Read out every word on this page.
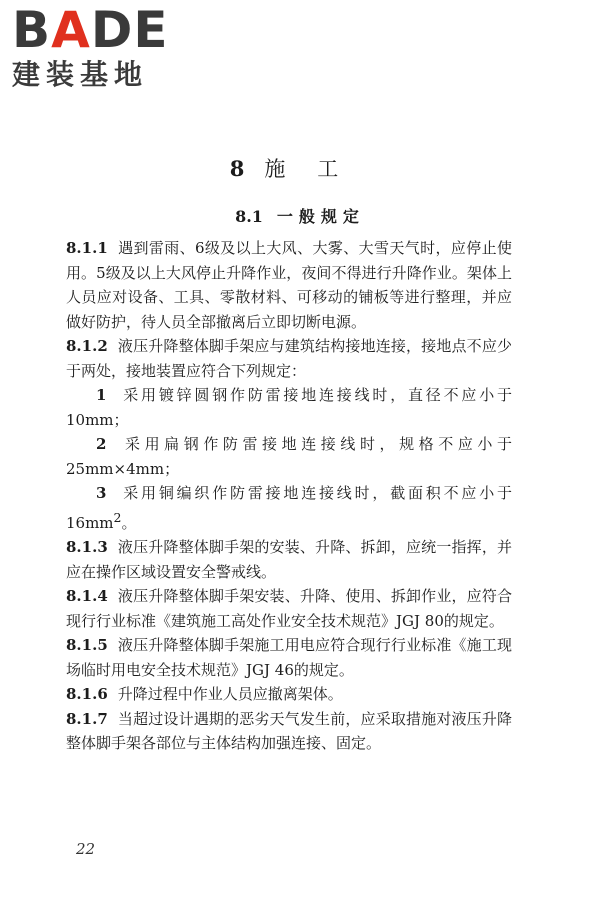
BADE
建装基地
8 施工
8.1 一般规定

8.1.1 遇到雷雨、6级及以上大风、大雾、大雪天气时，应停止使用。5级及以上大风停止升降作业，夜间不得进行升降作业。架体上人员应对设备、工具、零散材料、可移动的铺板等进行整理，并应做好防护，待人员全部撤离后立即切断电源。

8.1.2 液压升降整体脚手架应与建筑结构接地连接，接地点不应少于两处，接地装置应符合下列规定：

1 采用镀锌圆钢作防雷接地连接线时，直径不应小于10mm；

2 采用扁钢作防雷接地连接线时，规格不应小于25mm×4mm；

3 采用铜编织作防雷接地连接线时，截面积不应小于$16mm^2$。

8.1.3 液压升降整体脚手架的安装、升降、拆卸，应统一指挥，并应在操作区域设置安全警戒线。

8.1.4 液压升降整体脚手架安装、升降、使用、拆卸作业，应符合现行行业标准《建筑施工高处作业安全技术规范》JGJ 80的规定。

8.1.5 液压升降整体脚手架施工用电应符合现行行业标准《施工现场临时用电安全技术规范》JGJ 46的规定。

8.1.6 升降过程中作业人员应撤离架体。

8.1.7 当超过设计遇期的恶劣天气发生前，应采取措施对液压升降整体脚手架各部位与主体结构加强连接、固定。

22
